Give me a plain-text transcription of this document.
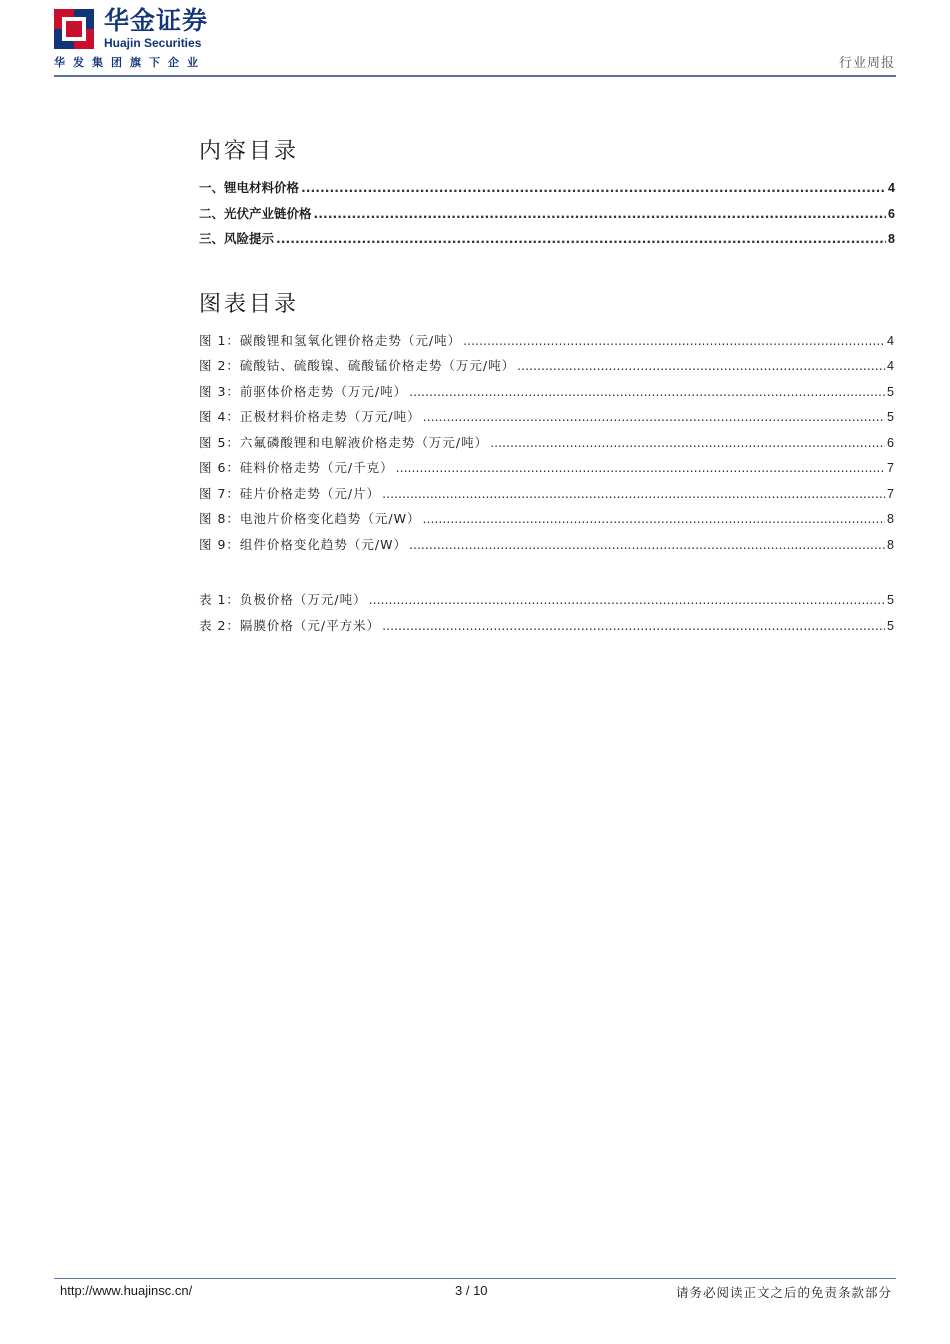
华金证券
Huajin Securities
华发集团旗下企业	行业周报
内容目录
一、锂电材料价格 .....	4
二、光伏产业链价格 .....	6
三、风险提示 .....	8
图表目录
图 1：碳酸锂和氢氧化锂价格走势（元/吨） .....	4
图 2：硫酸钴、硫酸镍、硫酸锰价格走势（万元/吨） .....	4
图 3：前驱体价格走势（万元/吨） .....	5
图 4：正极材料价格走势（万元/吨） .....	5
图 5：六氟磷酸锂和电解液价格走势（万元/吨） .....	6
图 6：硅料价格走势（元/千克） .....	7
图 7：硅片价格走势（元/片） .....	7
图 8：电池片价格变化趋势（元/W） .....	8
图 9：组件价格变化趋势（元/W） .....	8
表 1：负极价格（万元/吨） .....	5
表 2：隔膜价格（元/平方米） .....	5
http://www.huajinsc.cn/	3 / 10	请务必阅读正文之后的免责条款部分
